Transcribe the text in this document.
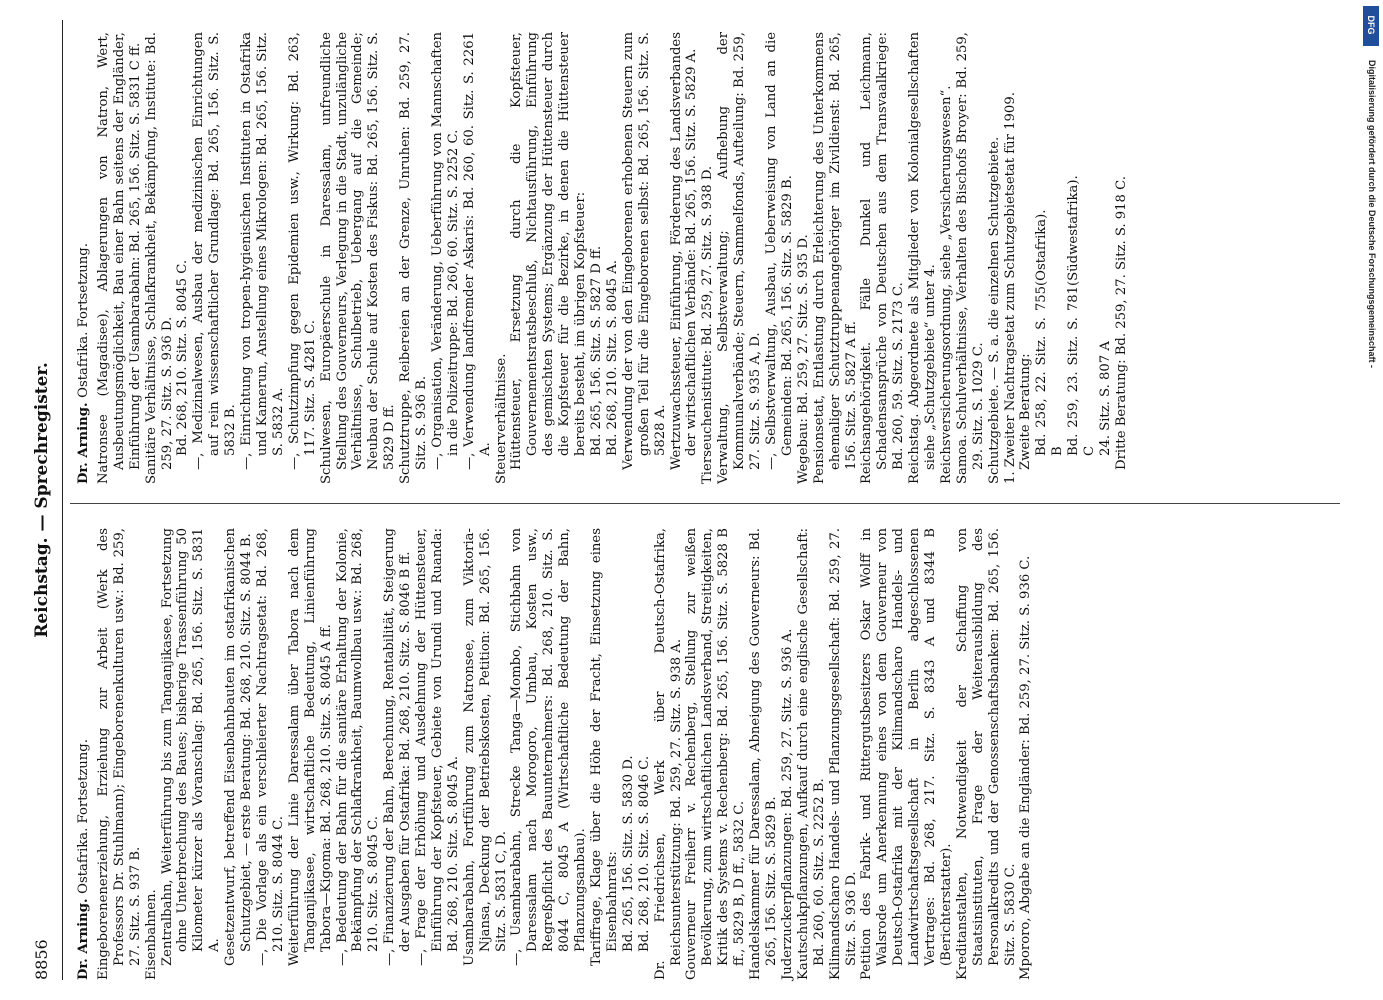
8856
Reichstag. — Sprechregister.
Dr. Arning. Ostafrika. Fortsetzung. Eingeborenenerziehung, Erziehung zur Arbeit (Werk des Professors Dr. Stuhlmann); Eingeborenenkulturen usw.: Bd. 259, 27. Sitz. S. 937 B. Eisenbahnen. Zentralbahn, Weiterführung bis zum Tanganjikasee, Fortsetzung ohne Unterbrechung des Baues; bisherige Trassenführung 50 Kilometer kürzer als Voranschlag: Bd. 265, 156. Sitz. S. 5831 A. Gesetzentwurf, betreffend Eisenbahnbauten im ostafrikanischen Schutzgebiet, — erste Beratung: Bd. 268, 210. Sitz. S. 8044 B. —, Die Vorlage als ein verschleierter Nachtragsetat: Bd. 268, 210. Sitz. S. 8044 C. Weiterführung der Linie Daressalam über Tabora nach dem Tanganjikasee, wirtschaftliche Bedeutung, Linienführung Tabora—Kigoma: Bd. 268, 210. Sitz. S. 8045 A ff. —, Bedeutung der Bahn für die sanitäre Erhaltung der Kolonie, Bekämpfung der Schlafkrankheit, Baumwollbau usw.: Bd. 268, 210. Sitz. S. 8045 C. —, Finanzierung der Bahn, Berechnung, Rentabilität, Steigerung der Ausgaben für Ostafrika: Bd. 268, 210. Sitz. S. 8046 B ff. —, Frage der Erhöhung und Ausdehnung der Hüttensteuer, Einführung der Kopfsteuer, Gebiete von Urundi und Ruanda: Bd. 268, 210. Sitz. S. 8045 A. Usambarabahn, Fortführung zum Natronsee, zum Viktoria-Njansa, Deckung der Betriebskosten, Petition: Bd. 265, 156. Sitz. S. 5831 C, D. —, Usambarabahn, Strecke Tanga—Mombo, Stichbahn von Daressalam nach Morogoro, Umbau, Kosten usw., Regreßpflicht des Bauunternehmers: Bd. 268, 210. Sitz. S. 8044 C, 8045 A (Wirtschaftliche Bedeutung der Bahn, Pflanzungsanbau). Tariffrage, Klage über die Höhe der Fracht, Einsetzung eines Eisenbahnrats: Bd. 265, 156. Sitz. S. 5830 D. Bd. 268, 210. Sitz. S. 8046 C. Dr. Friedrichsen, Werk über Deutsch-Ostafrika, Reichsunterstützung: Bd. 259, 27. Sitz. S. 938 A. Gouverneur Freiherr v. Rechenberg, Stellung zur weißen Bevölkerung, zum wirtschaftlichen Landsverband, Streitigkeiten, Kritik des Systems v. Rechenberg: Bd. 265, 156. Sitz. S. 5828 B ff., 5829 B, D ff., 5832 C. Handelskammer für Daressalam, Abneigung des Gouverneurs: Bd. 265, 156. Sitz. S. 5829 B. Juderzuckerpflanzungen: Bd. 259, 27. Sitz. S. 936 A. Kautschukpflanzungen, Aufkauf durch eine englische Gesellschaft: Bd. 260, 60. Sitz. S. 2252 B. Kilimandscharo Handels- und Pflanzungsgesellschaft: Bd. 259, 27. Sitz. S. 936 D. Petition des Fabrik- und Rittergutsbesitzers Oskar Wolff in Walsrode um Anerkennung eines von dem Gouverneur von Deutsch-Ostafrika mit der Kilimandscharo Handels- und Landwirtschaftsgesellschaft in Berlin abgeschlossenen Vertrages: Bd. 268, 217. Sitz. S. 8343 A und 8344 B (Berichterstatter). Kreditanstalten, Notwendigkeit der Schaffung von Staatsinstituten, Frage der Weiterausbildung des Personalkredits und der Genossenschaftsbanken: Bd. 265, 156. Sitz. S. 5830 C. Mpororo, Abgabe an die Engländer: Bd. 259, 27. Sitz. S. 936 C.

Dr. Arning. Ostafrika. Fortsetzung. Natronsee (Magadisee), Ablagerungen von Natron, Wert, Ausbeutungsmöglichkeit, Bau einer Bahn seitens der Engländer, Einführung der Usambarabahn: Bd. 265, 156. Sitz. S. 5831 C ff. Sanitäre Verhältnisse, Schlafkrankheit, Bekämpfung, Institute: Bd. 259, 27. Sitz. S. 936 D. Bd. 268, 210. Sitz. S. 8045 C. —, Medizinalwesen, Ausbau der medizinischen Einrichtungen auf rein wissenschaftlicher Grundlage: Bd. 265, 156. Sitz. S. 5832 B. —, Einrichtung von tropen-hygienischen Instituten in Ostafrika und Kamerun, Anstellung eines Mikrologen: Bd. 265, 156. Sitz. S. 5832 A. —, Schutzimpfung gegen Epidemien usw., Wirkung: Bd. 263, 117. Sitz. S. 4281 C. Schulwesen, Europäerschule in Daressalam, unfreundliche Stellung des Gouverneurs, Verlegung in die Stadt, unzulängliche Verhältnisse, Schulbetrieb, Uebergang auf die Gemeinde; Neubau der Schule auf Kosten des Fiskus: Bd. 265, 156. Sitz. S. 5829 D ff. Schutztruppe, Reibereien an der Grenze, Unruhen: Bd. 259, 27. Sitz. S. 936 B. —, Organisation, Veränderung, Ueberführung von Mannschaften in die Polizeitruppe: Bd. 260, 60. Sitz. S. 2252 C. —, Verwendung landfremder Askaris: Bd. 260, 60. Sitz. S. 2261 A. Steuerverhältnisse. Hüttensteuer, Ersetzung durch die Kopfsteuer, Gouvernementsratsbeschluß, Nichtausführung, Einführung des gemischten Systems; Ergänzung der Hüttensteuer durch die Kopfsteuer für die Bezirke, in denen die Hüttensteuer bereits besteht, im übrigen Kopfsteuer: Bd. 265, 156. Sitz. S. 5827 D ff. Bd. 268, 210. Sitz. S. 8045 A. Verwendung der von den Eingeborenen erhobenen Steuern zum großen Teil für die Eingeborenen selbst: Bd. 265, 156. Sitz. S. 5828 A. Wertzuwachssteuer, Einführung, Förderung des Landsverbandes der wirtschaftlichen Verbände: Bd. 265, 156. Sitz. S. 5829 A. Tierseuchenistitute: Bd. 259, 27. Sitz. S. 938 D. Verwaltung, Selbstverwaltung; Aufhebung der Kommunalverbände; Steuern, Sammelfonds, Aufteilung: Bd. 259, 27. Sitz. S. 935 A, D. —, Selbstverwaltung, Ausbau, Ueberweisung von Land an die Gemeinden: Bd. 265, 156. Sitz. S. 5829 B. Wegebau: Bd. 259, 27. Sitz. S. 935 D. Pensionsetat, Entlastung durch Erleichterung des Unterkommens ehemaliger Schutztruppenangehöriger im Zivildienst: Bd. 265, 156. Sitz. S. 5827 A ff. Reichsangehörigkeit. Fälle Dunkel und Leichmann, Schadensansprüche von Deutschen aus dem Transvaalkriege: Bd. 260, 59. Sitz. S. 2173 C. Reichstag. Abgeordnete als Mitglieder von Kolonialgesellschaften siehe „Schutzgebiete“ unter 4. Reichsversicherungsordnung, siehe „Versicherungswesen“. Samoa. Schulverhältnisse, Verhalten des Bischofs Broyer: Bd. 259, 29. Sitz. S. 1029 C. Schutzgebiete. — S. a. die einzelnen Schutzgebiete. 1. Zweiter Nachtragsetat zum Schutzgebietsetat für 1909. Zweite Beratung: Bd. 258, 22. Sitz. S. 755 B
(Ostafrika).
Bd. 259, 23. Sitz. S. 781 C
(Südwestafrika).
24. Sitz. S. 807 A Dritte Beratung: Bd. 259, 27. Sitz. S. 918 C.	Digitalisierung gefördert durch die Deutsche Forschungsgemeinschaft -
DFG
